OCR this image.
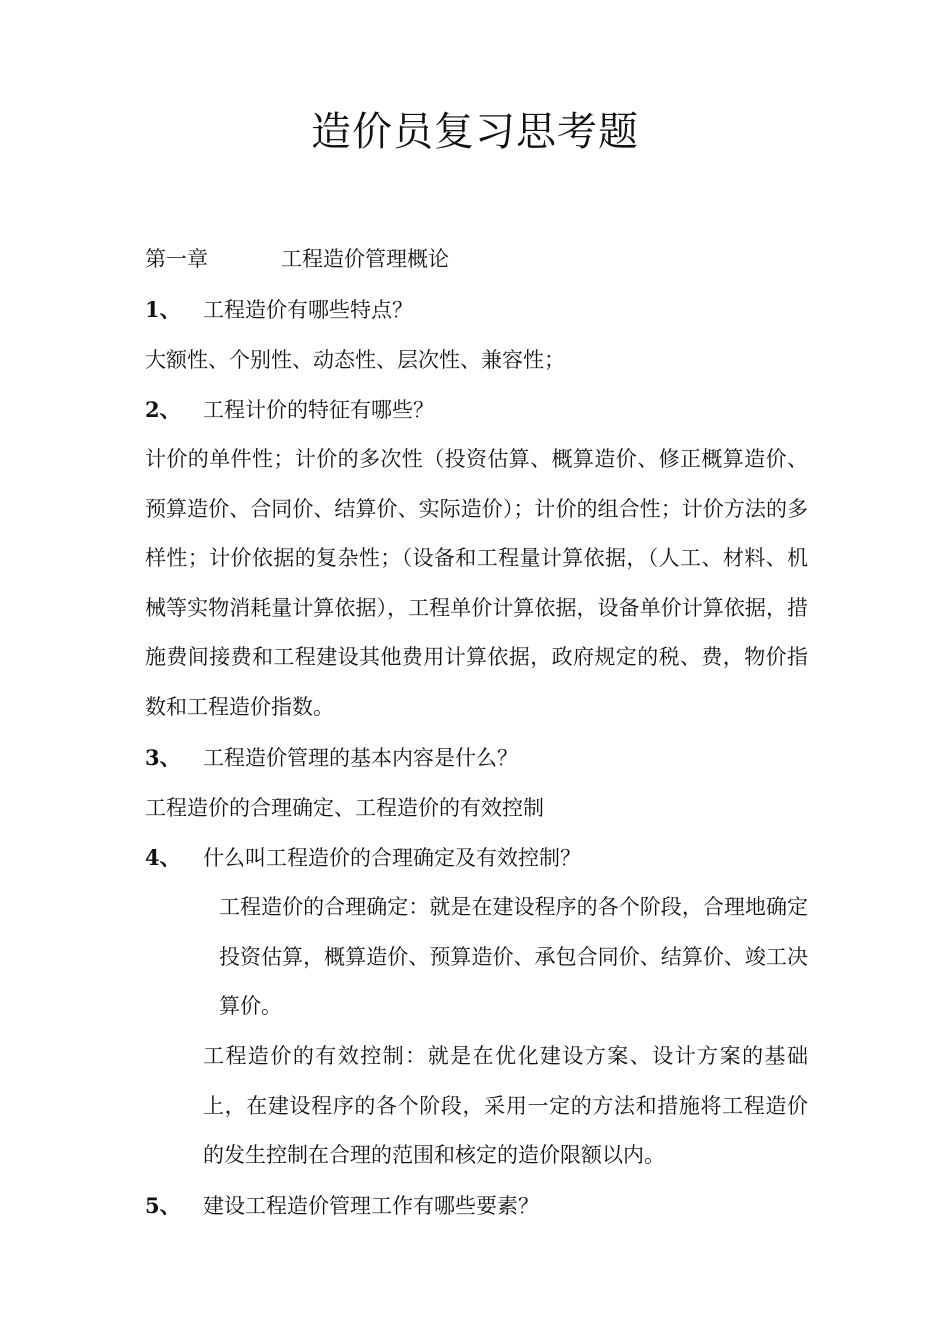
造价员复习思考题
第一章	工程造价管理概论
1、 工程造价有哪些特点？
大额性、个别性、动态性、层次性、兼容性；
2、 工程计价的特征有哪些？
计价的单件性；计价的多次性（投资估算、概算造价、修正概算造价、预算造价、合同价、结算价、实际造价）；计价的组合性；计价方法的多样性；计价依据的复杂性；（设备和工程量计算依据，（人工、材料、机械等实物消耗量计算依据），工程单价计算依据，设备单价计算依据，措施费间接费和工程建设其他费用计算依据，政府规定的税、费，物价指数和工程造价指数。
3、 工程造价管理的基本内容是什么？
工程造价的合理确定、工程造价的有效控制
4、 什么叫工程造价的合理确定及有效控制？
工程造价的合理确定：就是在建设程序的各个阶段，合理地确定投资估算，概算造价、预算造价、承包合同价、结算价、竣工决算价。
工程造价的有效控制：就是在优化建设方案、设计方案的基础上，在建设程序的各个阶段，采用一定的方法和措施将工程造价的发生控制在合理的范围和核定的造价限额以内。
5、 建设工程造价管理工作有哪些要素？
